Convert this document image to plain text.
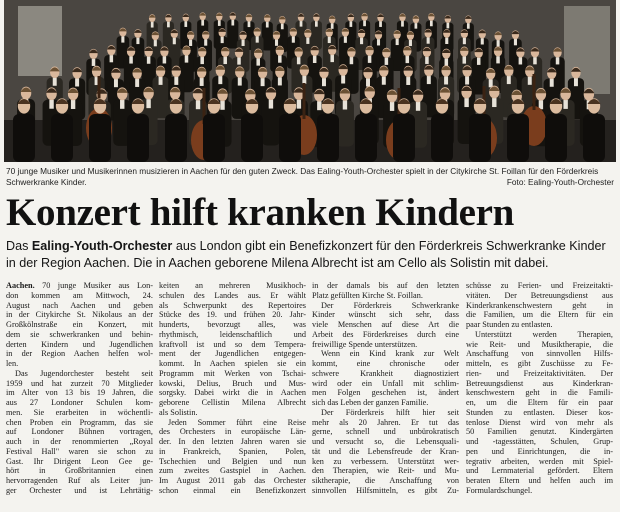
70 junge Musiker und Musikerinnen musizieren in Aachen für den guten Zweck. Das Ealing-Youth-Orchester spielt in der Citykirche St. Foillan für den Förderkreis
Schwerkranke Kinder.	Foto: Ealing-Youth-Orchester
Konzert hilft kranken Kindern
Das Ealing-Youth-Orchester aus London gibt ein Benefizkonzert für den Förderkreis Schwerkranke Kinder
in der Region Aachen. Die in Aachen geborene Milena Albrecht ist am Cello als Solistin mit dabei.
Aachen. 70 junge Musiker aus Lon-
don kommen am Mittwoch, 24.
August nach Aachen und geben
in der Citykirche St. Nikolaus an der
Großkölnstraße ein Konzert, mit
dem sie schwerkranken und behin-
derten Kindern und Jugendlichen
in der Region Aachen helfen wol-
len.
Das Jugendorchester besteht seit
1959 und hat zurzeit 70 Mitglieder
im Alter von 13 bis 19 Jahren, die
aus 27 Londoner Schulen kom-
men. Sie erarbeiten in wöchentli-
chen Proben ein Programm, das sie
auf Londoner Bühnen vortragen,
auch in der renommierten „Royal
Festival Hall" waren sie schon zu
Gast. Ihr Dirigent Leon Gee ge-
hört in Großbritannien einen
hervorragenden Ruf als Leiter jun-
ger Orchester und ist Lehrtätig-
keiten an mehreren Musikhoch-
schulen des Landes aus. Er wählt
als Schwerpunkt des Repertoires
Stücke des 19. und frühen 20. Jahr-
hunderts, bevorzugt alles, was
rhythmisch, leidenschaftlich und
kraftvoll ist und so dem Tempera-
ment der Jugendlichen entgegen-
kommt. In Aachen spielen sie ein
Programm mit Werken von Tschai-
kowski, Delius, Bruch und Mus-
sorgsky. Dabei wirkt die in Aachen
geborene Cellistin Milena Albrecht
als Solistin.
Jeden Sommer führt eine Reise
des Orchesters in europäische Län-
der. In den letzten Jahren waren sie
in Frankreich, Spanien, Polen,
Tschechien und Belgien und nun
zum zweites Gastspiel in Aachen.
Im August 2011 gab das Orchester
schon einmal ein Benefizkonzert
in der damals bis auf den letzten
Platz gefüllten Kirche St. Foillan.
Der Förderkreis Schwerkranke
Kinder wünscht sich sehr, dass
viele Menschen auf diese Art die
Arbeit des Förderkreises durch eine
freiwillige Spende unterstützen.
Wenn ein Kind krank zur Welt
kommt, eine chronische oder
schwere Krankheit diagnostiziert
wird oder ein Unfall mit schlim-
men Folgen geschehen ist, ändert
sich das Leben der ganzen Familie.
Der Förderkreis hilft hier seit
mehr als 20 Jahren. Er tut das
gerne, schnell und unbürokratisch
und versucht so, die Lebensquali-
tät und die Lebensfreude der Kran-
ken zu verbessern. Unterstützt wer-
den Therapien, wie Reit- und Mu-
siktherapie, die Anschaffung von
sinnvollen Hilfsmitteln, es gibt Zu-
schüsse zu Ferien- und Freizeitakti-
vitäten. Der Betreuungsdienst aus
Kinderkrankenschwestern geht in
die Familien, um die Eltern für ein
paar Stunden zu entlasten.
Unterstützt werden Therapien,
wie Reit- und Musiktherapie, die
Anschaffung von sinnvollen Hilfs-
mitteln, es gibt Zuschüsse zu Fe-
rien- und Freizeitaktivitäten. Der
Betreuungsdienst aus Kinderkran-
kenschwestern geht in die Famili-
en, um die Eltern für ein paar
Stunden zu entlasten. Dieser kos-
tenlose Dienst wird von mehr als
50 Familien genutzt. Kindergärten
und -tagesstätten, Schulen, Grup-
pen und Einrichtungen, die in-
tegrativ arbeiten, werden mit Spiel-
und Lernmaterial gefördert. Eltern
beraten Eltern und helfen auch im
Formulardschungel.
